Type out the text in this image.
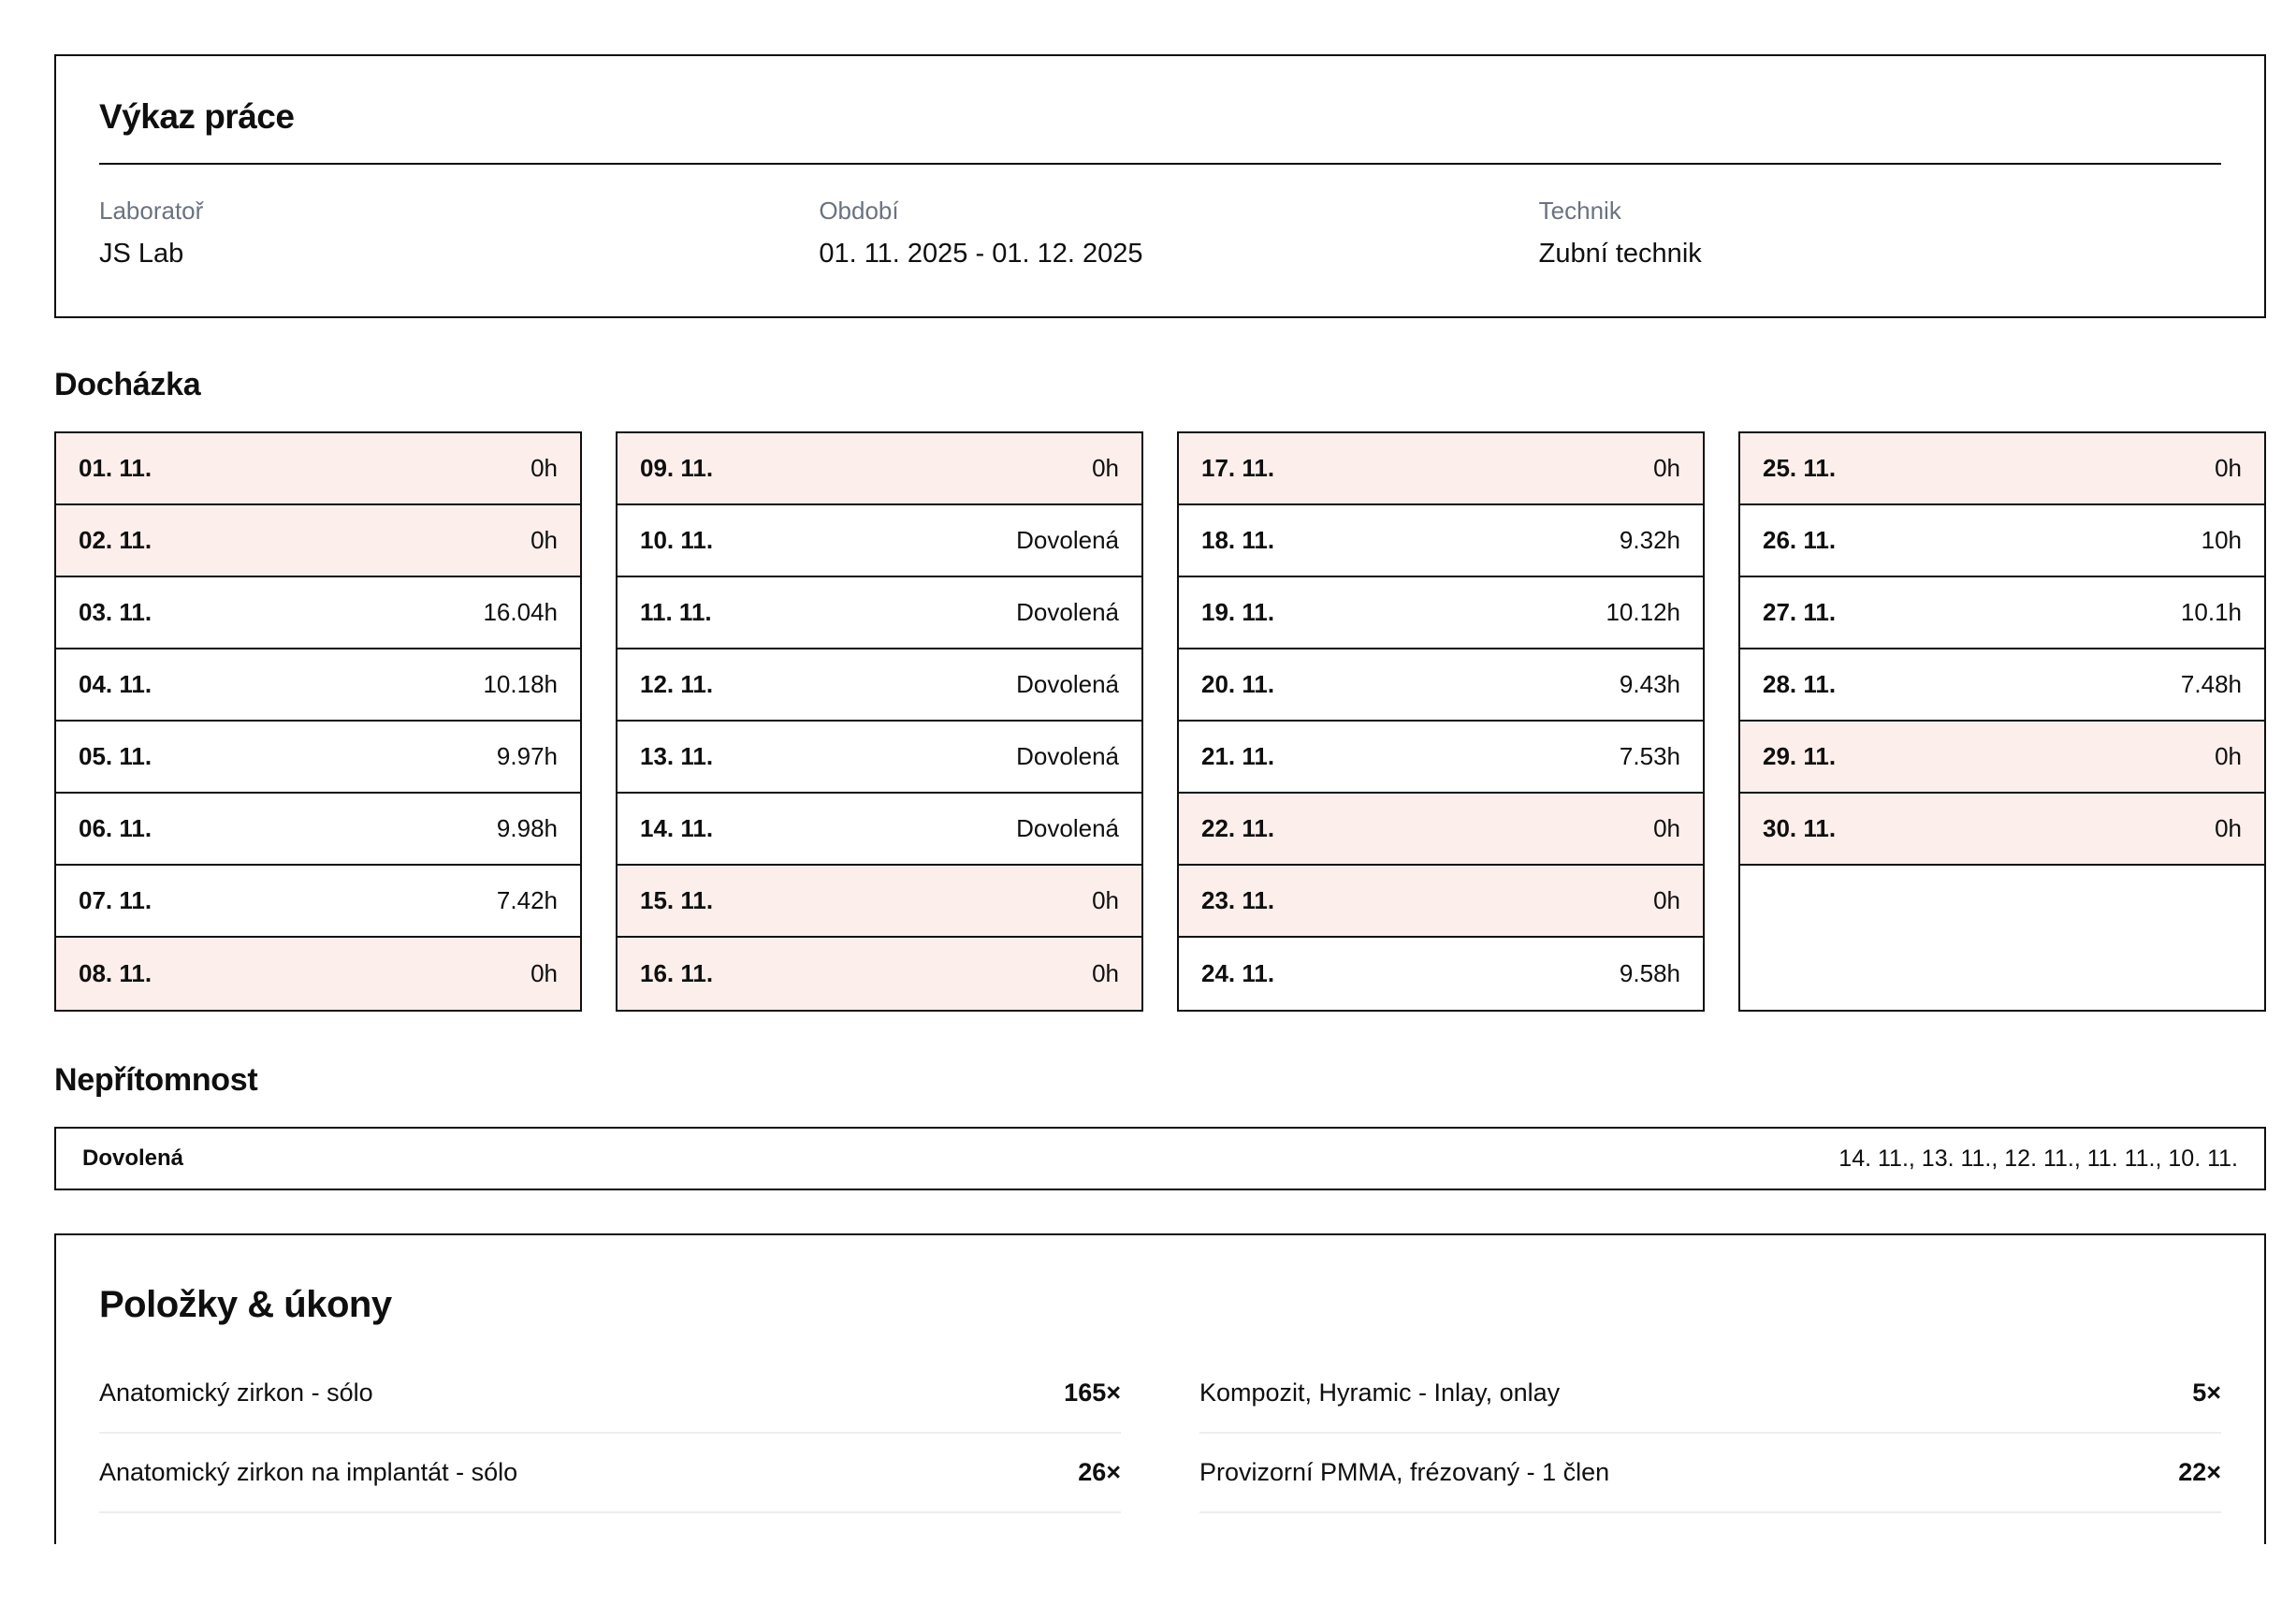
Výkaz práce

Laboratoř

JS Lab

Období

01. 11. 2025 - 01. 12. 2025

Technik

Zubní technik

Docházka
01. 11.	0h
02. 11.	0h
03. 11.	16.04h
04. 11.	10.18h
05. 11.	9.97h
06. 11.	9.98h
07. 11.	7.42h
08. 11.	0h
09. 11.	0h
10. 11.	Dovolená
11. 11.	Dovolená
12. 11.	Dovolená
13. 11.	Dovolená
14. 11.	Dovolená
15. 11.	0h
16. 11.	0h
17. 11.	0h
18. 11.	9.32h
19. 11.	10.12h
20. 11.	9.43h
21. 11.	7.53h
22. 11.	0h
23. 11.	0h
24. 11.	9.58h
25. 11.	0h
26. 11.	10h
27. 11.	10.1h
28. 11.	7.48h
29. 11.	0h
30. 11.	0h
Nepřítomnost
Dovolená	14. 11., 13. 11., 12. 11., 11. 11., 10. 11.
Položky & úkony
Anatomický zirkon - sólo	165×
Anatomický zirkon na implantát - sólo	26×
Kompozit, Hyramic - Inlay, onlay	5×
Provizorní PMMA, frézovaný - 1 člen	22×
